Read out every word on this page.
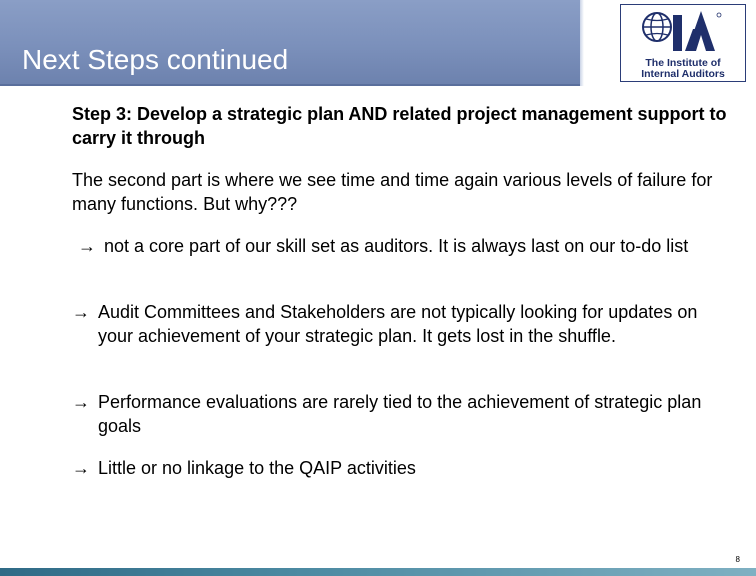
Next Steps continued	The Institute of
Internal Auditors
Step 3: Develop a strategic plan AND related project management support to carry it through
The second part is where we see time and time again various levels of failure for many functions. But why???
→ not a core part of our skill set as auditors. It is always last on our to-do list
→ Audit Committees and Stakeholders are not typically looking for updates on your achievement of your strategic plan. It gets lost in the shuffle.
→ Performance evaluations are rarely tied to the achievement of strategic plan goals
→ Little or no linkage to the QAIP activities
8
